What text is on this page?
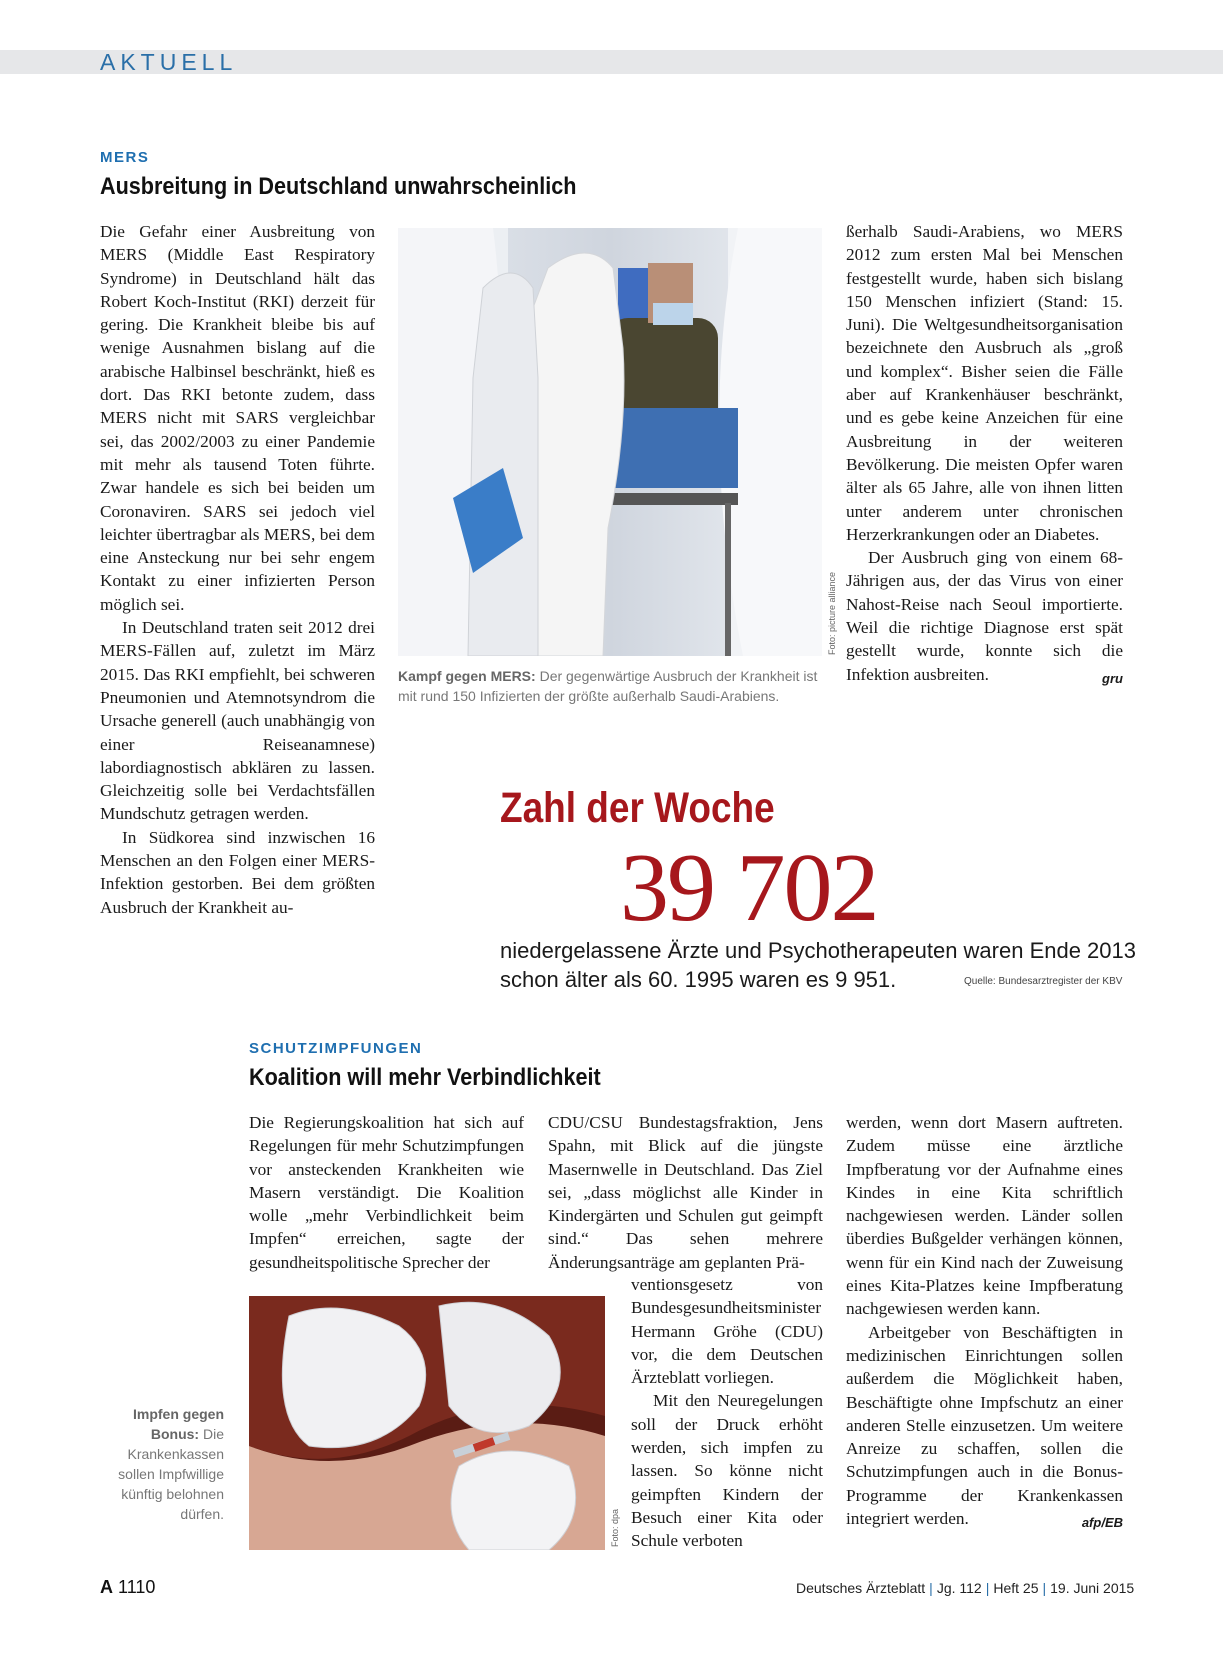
AKTUELL
MERS
Ausbreitung in Deutschland unwahrscheinlich

Die Gefahr einer Ausbreitung von MERS (Middle East Respiratory Syndrome) in Deutschland hält das Robert Koch-Institut (RKI) derzeit für gering. Die Krankheit bleibe bis auf wenige Ausnahmen bislang auf die arabische Halbinsel beschränkt, hieß es dort. Das RKI betonte zudem, dass MERS nicht mit SARS vergleichbar sei, das 2002/2003 zu einer Pandemie mit mehr als tausend Toten führte. Zwar handele es sich bei beiden um Coronaviren. SARS sei jedoch viel leichter übertragbar als MERS, bei dem eine Ansteckung nur bei sehr engem Kontakt zu einer infizierten Person möglich sei.

In Deutschland traten seit 2012 drei MERS-Fällen auf, zuletzt im März 2015. Das RKI empfiehlt, bei schweren Pneumonien und Atemnotsyndrom die Ursache generell (auch unabhängig von einer Reiseanamnese) labordiagnostisch abklären zu lassen. Gleichzeitig solle bei Verdachtsfällen Mundschutz getragen werden.

In Südkorea sind inzwischen 16 Menschen an den Folgen einer MERS-Infektion gestorben. Bei dem größten Ausbruch der Krankheit au-

Foto: picture alliance
Kampf gegen MERS: Der gegenwärtige Ausbruch der Krankheit ist mit rund 150 Infizierten der größte außerhalb Saudi-Arabiens.

ßerhalb Saudi-Arabiens, wo MERS 2012 zum ersten Mal bei Menschen festgestellt wurde, haben sich bislang 150 Menschen infiziert (Stand: 15. Juni). Die Weltgesundheitsorganisation bezeichnete den Ausbruch als „groß und komplex“. Bisher seien die Fälle aber auf Krankenhäuser beschränkt, und es gebe keine Anzeichen für eine Ausbreitung in der weiteren Bevölkerung. Die meisten Opfer waren älter als 65 Jahre, alle von ihnen litten unter anderem unter chronischen Herzerkrankungen oder an Diabetes.

Der Ausbruch ging von einem 68-Jährigen aus, der das Virus von einer Nahost-Reise nach Seoul importierte. Weil die richtige Diagnose erst spät gestellt wurde, konnte sich die Infektion ausbreiten.	gru

Zahl der Woche
39 702
niedergelassene Ärzte und Psychotherapeuten waren Ende 2013 schon älter als 60. 1995 waren es 9 951.	Quelle: Bundesarztregister der KBV
SCHUTZIMPFUNGEN
Koalition will mehr Verbindlichkeit

Die Regierungskoalition hat sich auf Regelungen für mehr Schutzimpfungen vor ansteckenden Krankheiten wie Masern verständigt. Die Koalition wolle „mehr Verbindlichkeit beim Impfen“ erreichen, sagte der gesundheitspolitische Sprecher der

CDU/CSU Bundestagsfraktion, Jens Spahn, mit Blick auf die jüngste Masernwelle in Deutschland. Das Ziel sei, „dass möglichst alle Kinder in Kindergärten und Schulen gut geimpft sind.“ Das sehen mehrere Änderungsanträge am geplanten Prä-

Foto: dpa
Impfen gegen Bonus: Die Krankenkassen sollen Impfwillige künftig belohnen dürfen.

ventionsgesetz von Bundesgesundheitsminister Hermann Gröhe (CDU) vor, die dem Deutschen Ärzteblatt vorliegen.

Mit den Neuregelungen soll der Druck erhöht werden, sich impfen zu lassen. So könne nicht geimpften Kindern der Besuch einer Kita oder Schule verboten

werden, wenn dort Masern auftreten. Zudem müsse eine ärztliche Impfberatung vor der Aufnahme eines Kindes in eine Kita schriftlich nachgewiesen werden. Länder sollen überdies Bußgelder verhängen können, wenn für ein Kind nach der Zuweisung eines Kita-Platzes keine Impfberatung nachgewiesen werden kann.

Arbeitgeber von Beschäftigten in medizinischen Einrichtungen sollen außerdem die Möglichkeit haben, Beschäftigte ohne Impfschutz an einer anderen Stelle einzusetzen. Um weitere Anreize zu schaffen, sollen die Schutzimpfungen auch in die Bonus-Programme der Krankenkassen integriert werden.	afp/EB

A 1110	Deutsches Ärzteblatt | Jg. 112 | Heft 25 | 19. Juni 2015
